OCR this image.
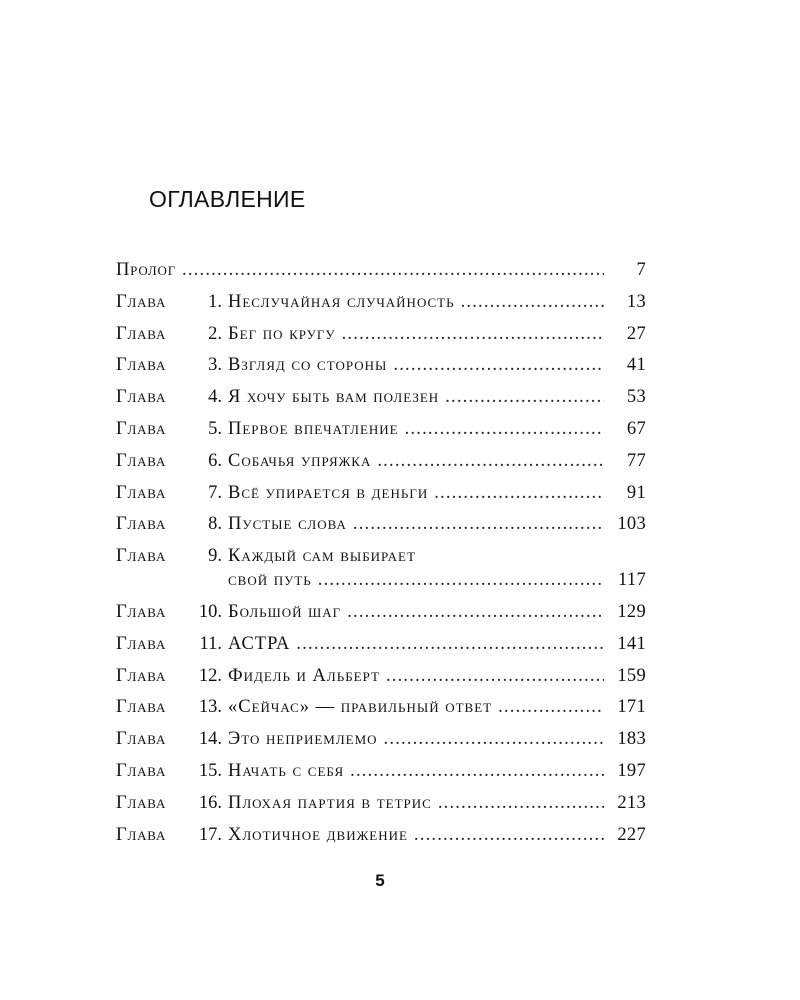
ОГЛАВЛЕНИЕ
Пролог .....	7
Глава	1. Неслучайная случайность .....	13
Глава	2. Бег по кругу .....	27
Глава	3. Взгляд со стороны .....	41
Глава	4. Я хочу быть вам полезен .....	53
Глава	5. Первое впечатление .....	67
Глава	6. Собачья упряжка .....	77
Глава	7. Всё упирается в деньги .....	91
Глава	8. Пустые слова .....	103
Глава	9. Каждый сам выбирает
свой путь .....	117
Глава	10. Большой шаг .....	129
Глава	11. АСТРА .....	141
Глава	12. Фидель и Альберт .....	159
Глава	13. «Сейчас» — правильный ответ .....	171
Глава	14. Это неприемлемо .....	183
Глава	15. Начать с себя .....	197
Глава	16. Плохая партия в тетрис .....	213
Глава	17. Хлотичное движение .....	227
5
